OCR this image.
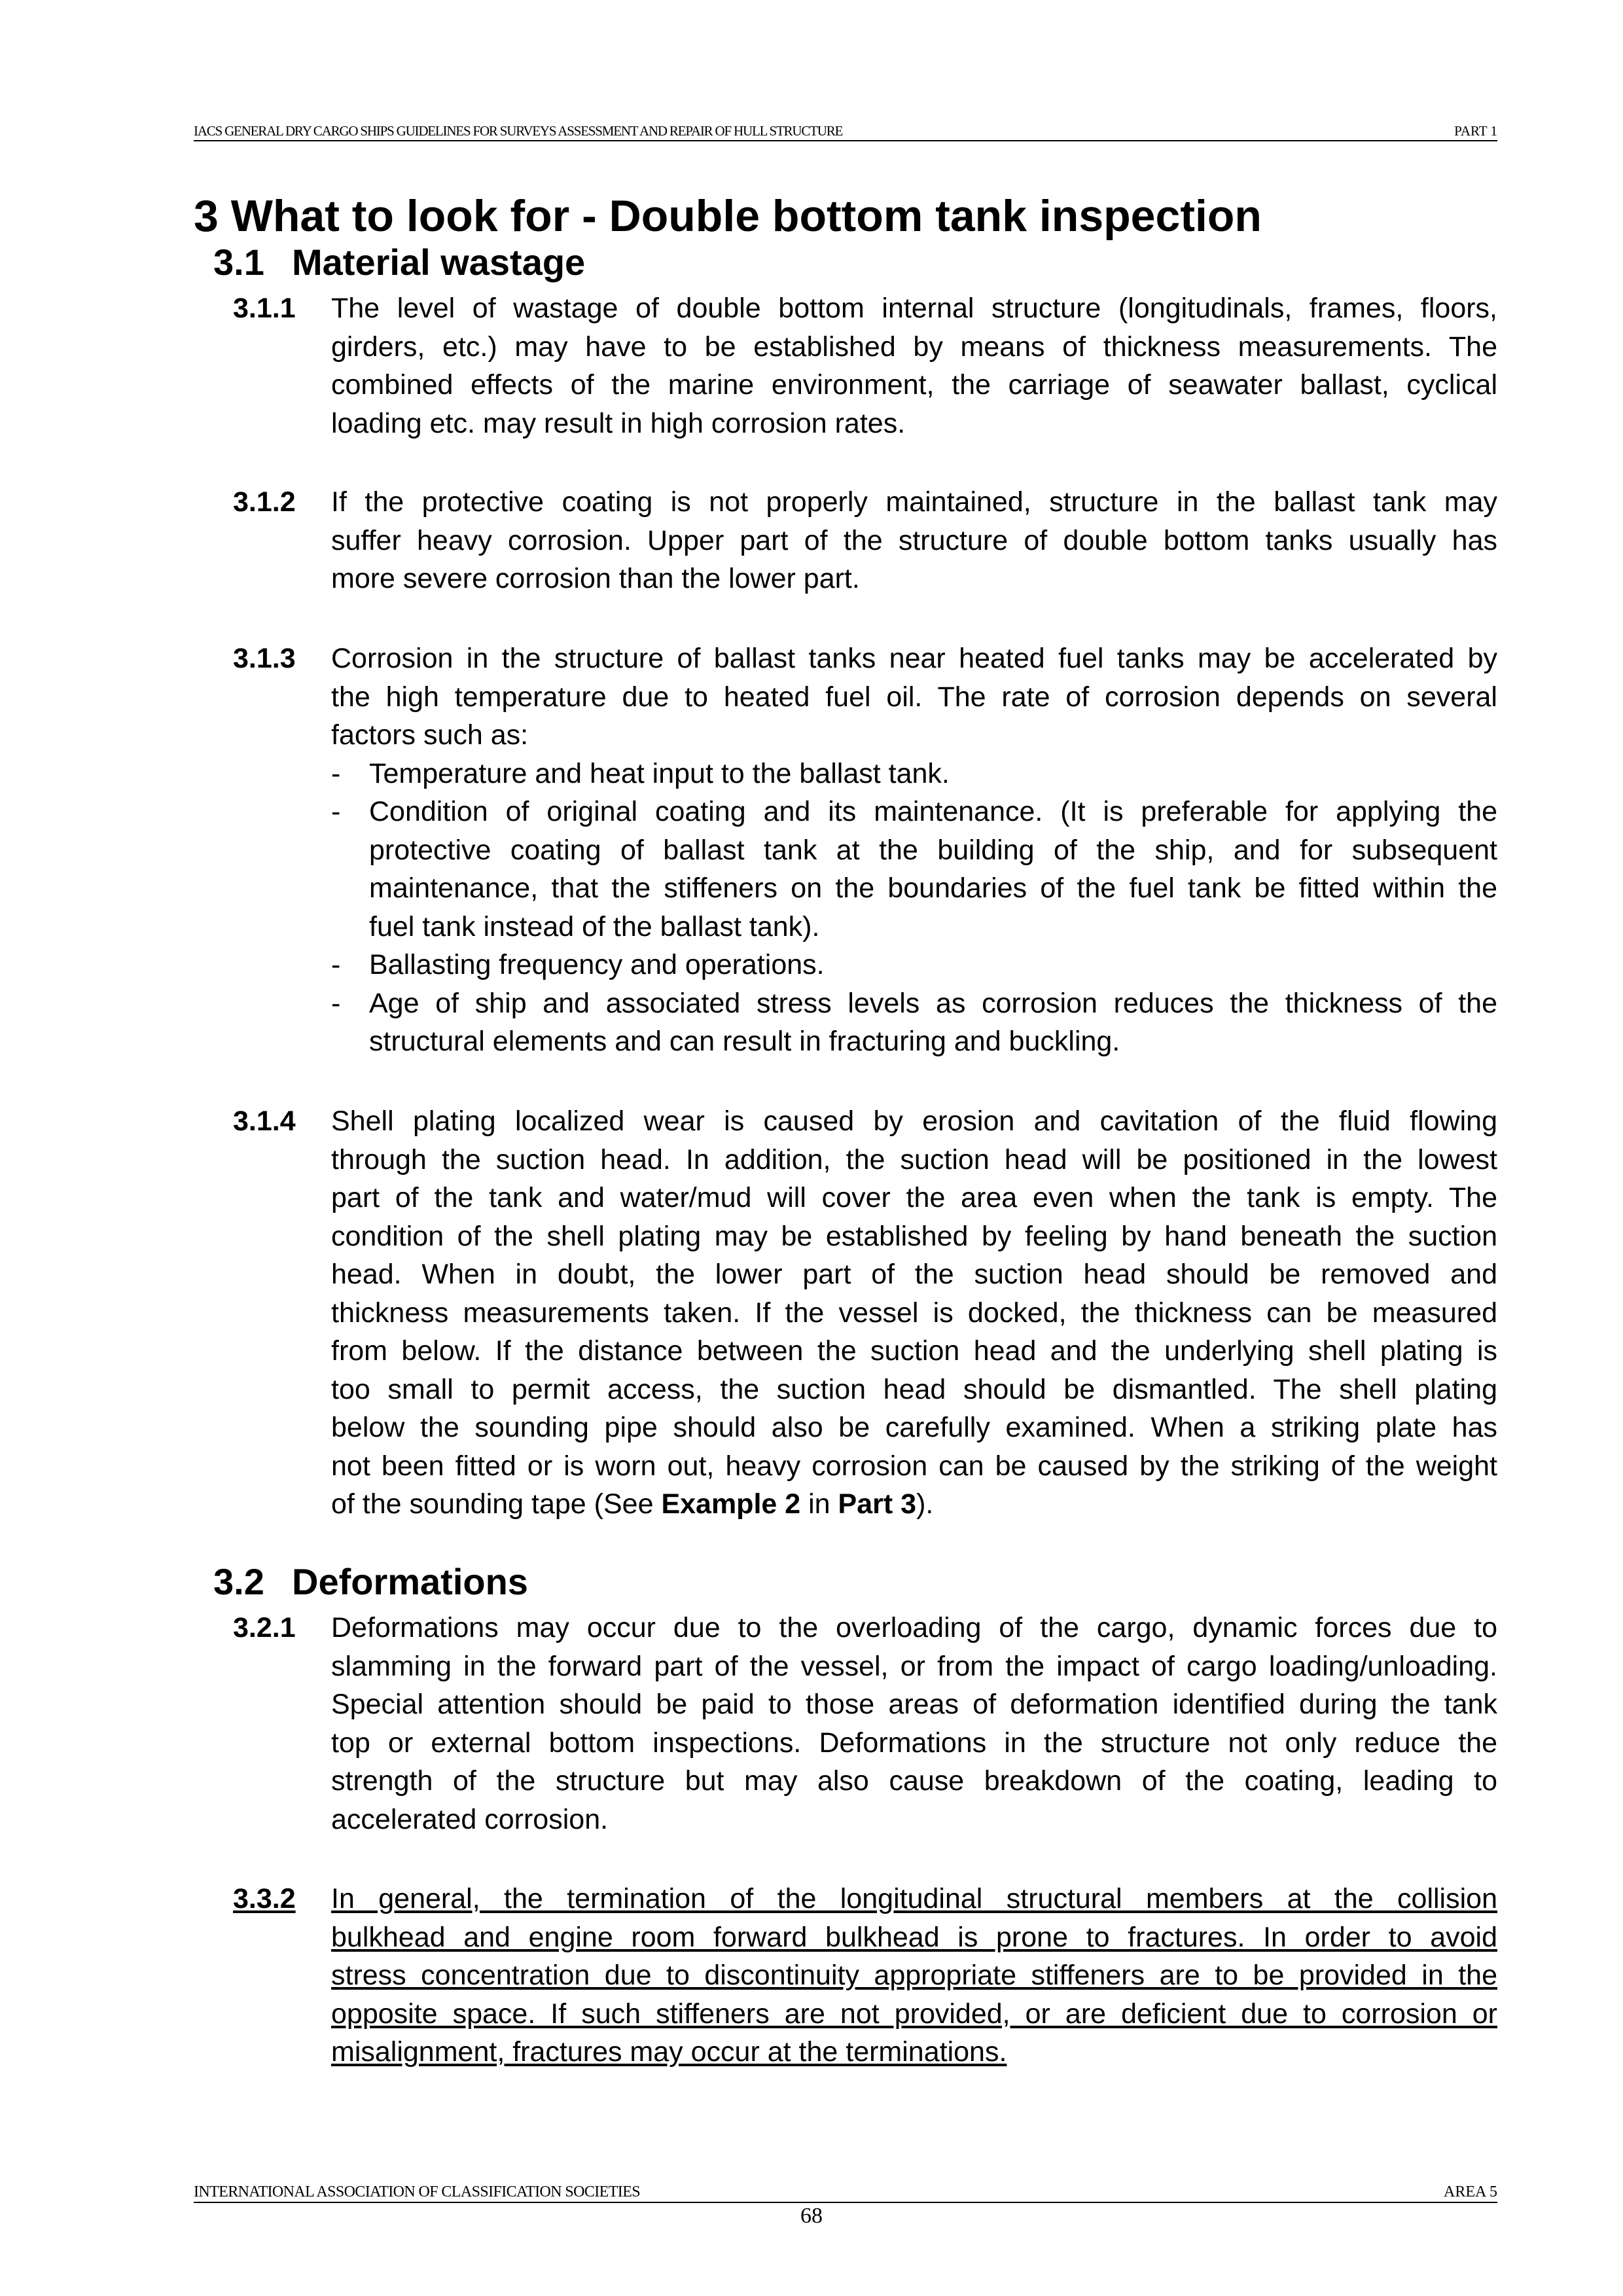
IACS GENERAL DRY CARGO SHIPS GUIDELINES FOR SURVEYS ASSESSMENT AND REPAIR OF HULL STRUCTURE	PART 1
3 What to look for - Double bottom tank inspection
3.1 Material wastage
3.1.1	The level of wastage of double bottom internal structure (longitudinals, frames, floors,
girders, etc.) may have to be established by means of thickness measurements. The
combined effects of the marine environment, the carriage of seawater ballast, cyclical
loading etc. may result in high corrosion rates.
3.1.2	If the protective coating is not properly maintained, structure in the ballast tank may
suffer heavy corrosion. Upper part of the structure of double bottom tanks usually has
more severe corrosion than the lower part.
3.1.3	Corrosion in the structure of ballast tanks near heated fuel tanks may be accelerated by
the high temperature due to heated fuel oil. The rate of corrosion depends on several
factors such as:
- Temperature and heat input to the ballast tank.
- Condition of original coating and its maintenance. (It is preferable for applying the
protective coating of ballast tank at the building of the ship, and for subsequent
maintenance, that the stiffeners on the boundaries of the fuel tank be fitted within the
fuel tank instead of the ballast tank).
- Ballasting frequency and operations.
- Age of ship and associated stress levels as corrosion reduces the thickness of the
structural elements and can result in fracturing and buckling.
3.1.4	Shell plating localized wear is caused by erosion and cavitation of the fluid flowing
through the suction head. In addition, the suction head will be positioned in the lowest
part of the tank and water/mud will cover the area even when the tank is empty. The
condition of the shell plating may be established by feeling by hand beneath the suction
head. When in doubt, the lower part of the suction head should be removed and
thickness measurements taken. If the vessel is docked, the thickness can be measured
from below. If the distance between the suction head and the underlying shell plating is
too small to permit access, the suction head should be dismantled. The shell plating
below the sounding pipe should also be carefully examined. When a striking plate has
not been fitted or is worn out, heavy corrosion can be caused by the striking of the weight
of the sounding tape (See Example 2 in Part 3).
3.2 Deformations
3.2.1	Deformations may occur due to the overloading of the cargo, dynamic forces due to
slamming in the forward part of the vessel, or from the impact of cargo loading/unloading.
Special attention should be paid to those areas of deformation identified during the tank
top or external bottom inspections. Deformations in the structure not only reduce the
strength of the structure but may also cause breakdown of the coating, leading to
accelerated corrosion.
3.3.2	In general, the termination of the longitudinal structural members at the collision
bulkhead and engine room forward bulkhead is prone to fractures. In order to avoid
stress concentration due to discontinuity appropriate stiffeners are to be provided in the
opposite space. If such stiffeners are not provided, or are deficient due to corrosion or
misalignment, fractures may occur at the terminations.
INTERNATIONAL ASSOCIATION OF CLASSIFICATION SOCIETIES	AREA 5
68
